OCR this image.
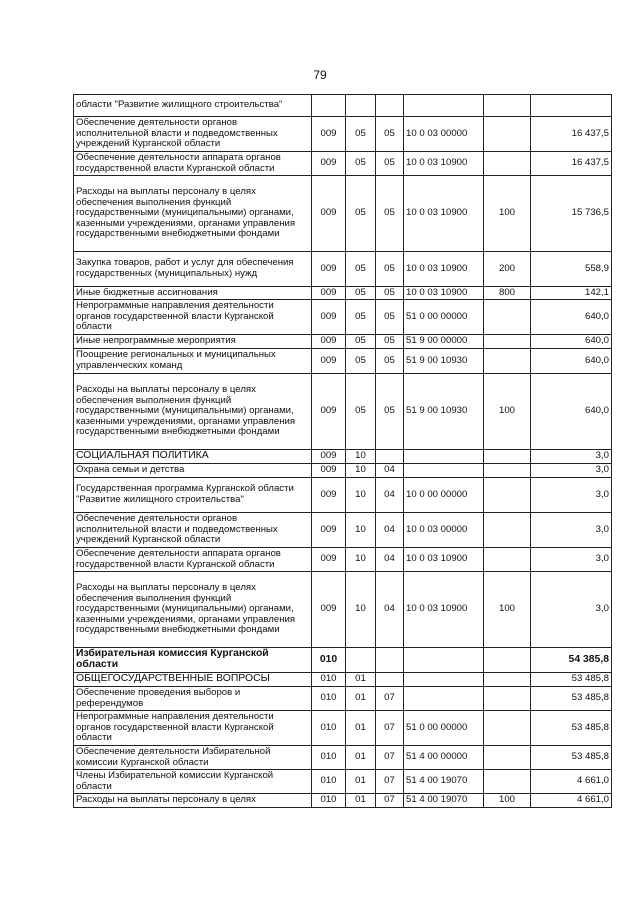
79
области "Развитие жилищного строительства"						
Обеспечение деятельности органов исполнительной власти и подведомственных учреждений Курганской области	009	05	05	10 0 03 00000		16 437,5
Обеспечение деятельности аппарата органов государственной власти Курганской области	009	05	05	10 0 03 10900		16 437,5
Расходы на выплаты персоналу в целях обеспечения выполнения функций государственными (муниципальными) органами, казенными учреждениями, органами управления государственными внебюджетными фондами	009	05	05	10 0 03 10900	100	15 736,5
Закупка товаров, работ и услуг для обеспечения государственных (муниципальных) нужд	009	05	05	10 0 03 10900	200	558,9
Иные бюджетные ассигнования	009	05	05	10 0 03 10900	800	142,1
Непрограммные направления деятельности органов государственной власти Курганской области	009	05	05	51 0 00 00000		640,0
Иные непрограммные мероприятия	009	05	05	51 9 00 00000		640,0
Поощрение региональных и муниципальных управленческих команд	009	05	05	51 9 00 10930		640,0
Расходы на выплаты персоналу в целях обеспечения выполнения функций государственными (муниципальными) органами, казенными учреждениями, органами управления государственными внебюджетными фондами	009	05	05	51 9 00 10930	100	640,0
СОЦИАЛЬНАЯ ПОЛИТИКА	009	10				3,0
Охрана семьи и детства	009	10	04			3,0
Государственная программа Курганской области "Развитие жилищного строительства"	009	10	04	10 0 00 00000		3,0
Обеспечение деятельности органов исполнительной власти и подведомственных учреждений Курганской области	009	10	04	10 0 03 00000		3,0
Обеспечение деятельности аппарата органов государственной власти Курганской области	009	10	04	10 0 03 10900		3,0
Расходы на выплаты персоналу в целях обеспечения выполнения функций государственными (муниципальными) органами, казенными учреждениями, органами управления государственными внебюджетными фондами	009	10	04	10 0 03 10900	100	3,0
Избирательная комиссия Курганской области	010					54 385,8
ОБЩЕГОСУДАРСТВЕННЫЕ ВОПРОСЫ	010	01				53 485,8
Обеспечение проведения выборов и референдумов	010	01	07			53 485,8
Непрограммные направления деятельности органов государственной власти Курганской области	010	01	07	51 0 00 00000		53 485,8
Обеспечение деятельности Избирательной комиссии Курганской области	010	01	07	51 4 00 00000		53 485,8
Члены Избирательной комиссии Курганской области	010	01	07	51 4 00 19070		4 661,0
Расходы на выплаты персоналу в целях	010	01	07	51 4 00 19070	100	4 661,0
